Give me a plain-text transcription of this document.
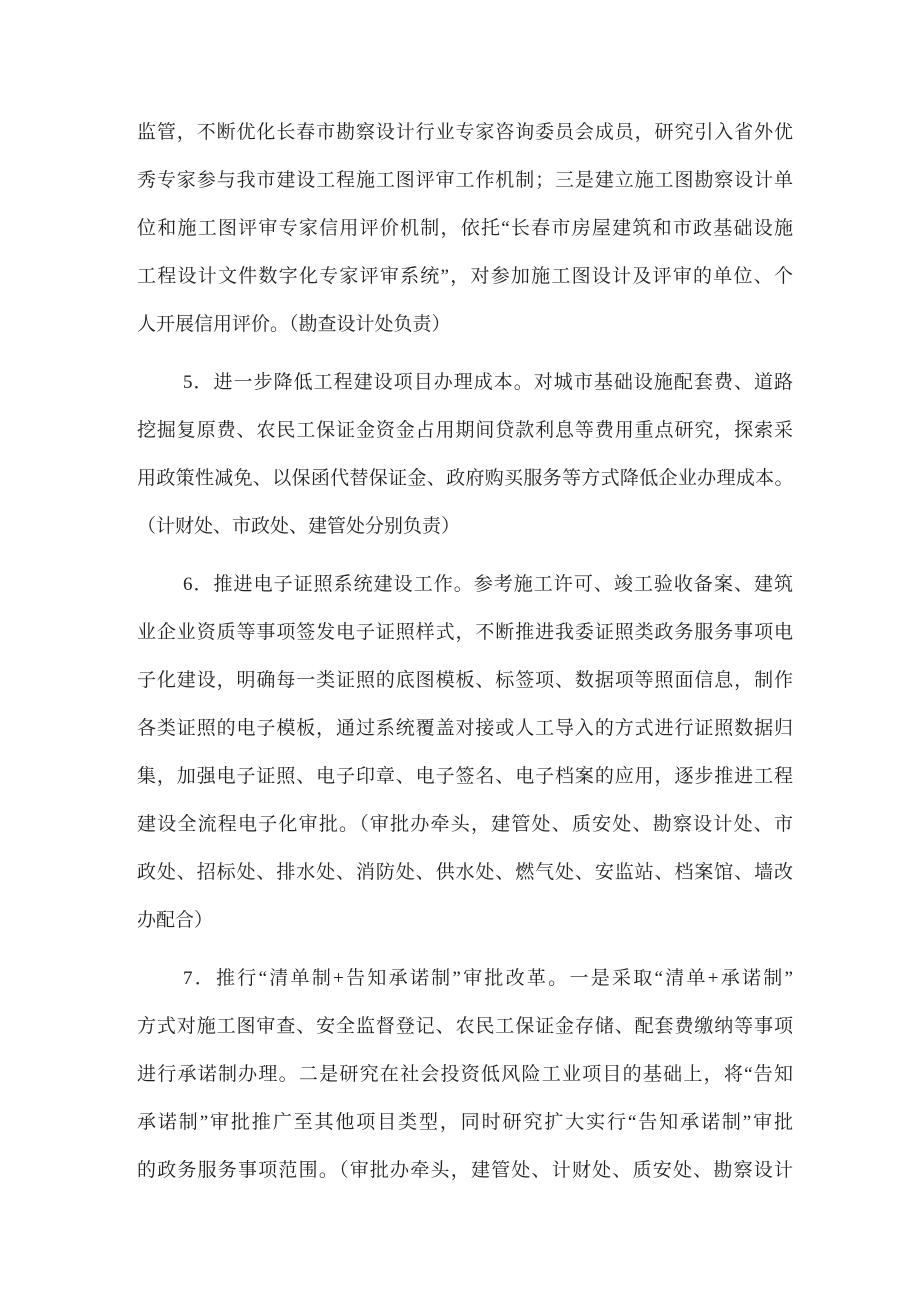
监管，不断优化长春市勘察设计行业专家咨询委员会成员，研究引入省外优
秀专家参与我市建设工程施工图评审工作机制；三是建立施工图勘察设计单
位和施工图评审专家信用评价机制，依托“长春市房屋建筑和市政基础设施
工程设计文件数字化专家评审系统”，对参加施工图设计及评审的单位、个
人开展信用评价。（勘查设计处负责）
5．进一步降低工程建设项目办理成本。对城市基础设施配套费、道路
挖掘复原费、农民工保证金资金占用期间贷款利息等费用重点研究，探索采
用政策性减免、以保函代替保证金、政府购买服务等方式降低企业办理成本。
（计财处、市政处、建管处分别负责）
6．推进电子证照系统建设工作。参考施工许可、竣工验收备案、建筑
业企业资质等事项签发电子证照样式，不断推进我委证照类政务服务事项电
子化建设，明确每一类证照的底图模板、标签项、数据项等照面信息，制作
各类证照的电子模板，通过系统覆盖对接或人工导入的方式进行证照数据归
集，加强电子证照、电子印章、电子签名、电子档案的应用，逐步推进工程
建设全流程电子化审批。（审批办牵头，建管处、质安处、勘察设计处、市
政处、招标处、排水处、消防处、供水处、燃气处、安监站、档案馆、墙改
办配合）
7．推行“清单制+告知承诺制”审批改革。一是采取“清单+承诺制”
方式对施工图审查、安全监督登记、农民工保证金存储、配套费缴纳等事项
进行承诺制办理。二是研究在社会投资低风险工业项目的基础上，将“告知
承诺制”审批推广至其他项目类型，同时研究扩大实行“告知承诺制”审批
的政务服务事项范围。（审批办牵头，建管处、计财处、质安处、勘察设计
